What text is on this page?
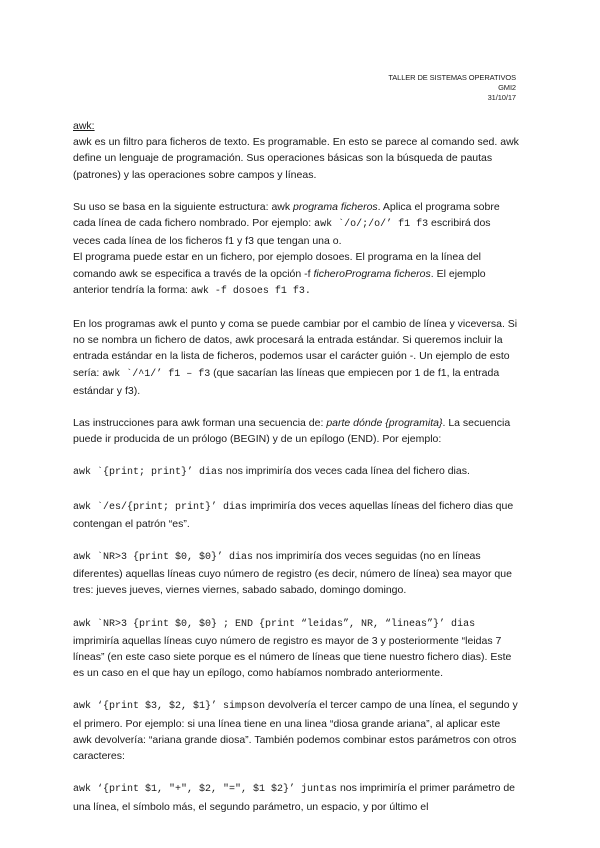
TALLER DE SISTEMAS OPERATIVOS
GMI2
31/10/17
awk:

awk es un filtro para ficheros de texto. Es programable. En esto se parece al comando sed. awk define un lenguaje de programación. Sus operaciones básicas son la búsqueda de pautas (patrones) y las operaciones sobre campos y líneas.

Su uso se basa en la siguiente estructura: awk programa ficheros. Aplica el programa sobre cada línea de cada fichero nombrado. Por ejemplo: awk `/o/;/o/’ f1 f3 escribirá dos veces cada línea de los ficheros f1 y f3 que tengan una o.

El programa puede estar en un fichero, por ejemplo dosoes. El programa en la línea del comando awk se especifica a través de la opción -f ficheroPrograma ficheros. El ejemplo anterior tendría la forma: awk -f dosoes f1 f3.

En los programas awk el punto y coma se puede cambiar por el cambio de línea y viceversa. Si no se nombra un fichero de datos, awk procesará la entrada estándar. Si queremos incluir la entrada estándar en la lista de ficheros, podemos usar el carácter guión -. Un ejemplo de esto sería: awk `/^1/’ f1 – f3 (que sacarían las líneas que empiecen por 1 de f1, la entrada estándar y f3).

Las instrucciones para awk forman una secuencia de: parte dónde {programita}. La secuencia puede ir producida de un prólogo (BEGIN) y de un epílogo (END). Por ejemplo:

awk `{print; print}’ dias nos imprimiría dos veces cada línea del fichero dias.

awk `/es/{print; print}’ dias imprimiría dos veces aquellas líneas del fichero dias que contengan el patrón “es”.

awk `NR>3 {print $0, $0}’ dias nos imprimiría dos veces seguidas (no en líneas diferentes) aquellas líneas cuyo número de registro (es decir, número de línea) sea mayor que tres: jueves jueves, viernes viernes, sabado sabado, domingo domingo.

awk `NR>3 {print $0, $0} ; END {print “leidas”, NR, “lineas”}’ dias imprimiría aquellas líneas cuyo número de registro es mayor de 3 y posteriormente “leidas 7 líneas” (en este caso siete porque es el número de líneas que tiene nuestro fichero dias). Este es un caso en el que hay un epílogo, como habíamos nombrado anteriormente.

awk ‘{print $3, $2, $1}’ simpson devolvería el tercer campo de una línea, el segundo y el primero. Por ejemplo: si una línea tiene en una linea “diosa grande ariana”, al aplicar este awk devolvería: “ariana grande diosa”. También podemos combinar estos parámetros con otros caracteres:

awk ‘{print $1, "+", $2, "=", $1 $2}’ juntas nos imprimiría el primer parámetro de una línea, el símbolo más, el segundo parámetro, un espacio, y por último el
